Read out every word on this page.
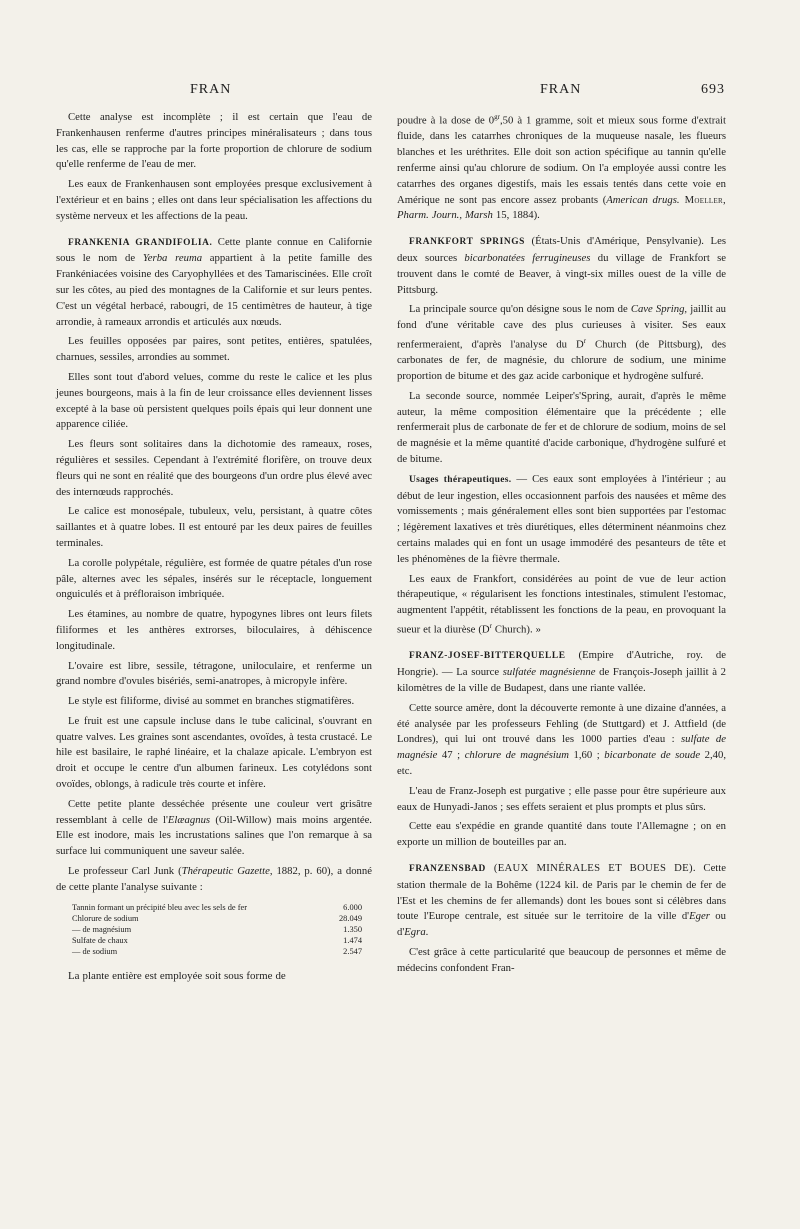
FRAN	FRAN	693

Cette analyse est incomplète ; il est certain que l'eau de Frankenhausen renferme d'autres principes minéralisateurs ; dans tous les cas, elle se rapproche par la forte proportion de chlorure de sodium qu'elle renferme de l'eau de mer.

Les eaux de Frankenhausen sont employées presque exclusivement à l'extérieur et en bains ; elles ont dans leur spécialisation les affections du système nerveux et les affections de la peau.

FRANKENIA GRANDIFOLIA. Cette plante connue en Californie sous le nom de Yerba reuma appartient à la petite famille des Frankéniacées voisine des Caryophyllées et des Tamariscinées. Elle croît sur les côtes, au pied des montagnes de la Californie et sur leurs pentes. C'est un végétal herbacé, rabougri, de 15 centimètres de hauteur, à tige arrondie, à rameaux arrondis et articulés aux nœuds.

Les feuilles opposées par paires, sont petites, entières, spatulées, charnues, sessiles, arrondies au sommet.

Elles sont tout d'abord velues, comme du reste le calice et les plus jeunes bourgeons, mais à la fin de leur croissance elles deviennent lisses excepté à la base où persistent quelques poils épais qui leur donnent une apparence ciliée.

Les fleurs sont solitaires dans la dichotomie des rameaux, roses, régulières et sessiles. Cependant à l'extrémité florifère, on trouve deux fleurs qui ne sont en réalité que des bourgeons d'un ordre plus élevé avec des internœuds rapprochés.

Le calice est monosépale, tubuleux, velu, persistant, à quatre côtes saillantes et à quatre lobes. Il est entouré par les deux paires de feuilles terminales.

La corolle polypétale, régulière, est formée de quatre pétales d'un rose pâle, alternes avec les sépales, insérés sur le réceptacle, longuement onguiculés et à préfloraison imbriquée.

Les étamines, au nombre de quatre, hypogynes libres ont leurs filets filiformes et les anthères extrorses, biloculaires, à déhiscence longitudinale.

L'ovaire est libre, sessile, tétragone, uniloculaire, et renferme un grand nombre d'ovules bisériés, semi-anatropes, à micropyle infère.

Le style est filiforme, divisé au sommet en branches stigmatifères.

Le fruit est une capsule incluse dans le tube calicinal, s'ouvrant en quatre valves. Les graines sont ascendantes, ovoïdes, à testa crustacé. Le hile est basilaire, le raphé linéaire, et la chalaze apicale. L'embryon est droit et occupe le centre d'un albumen farineux. Les cotylédons sont ovoïdes, oblongs, à radicule très courte et infère.

Cette petite plante desséchée présente une couleur vert grisâtre ressemblant à celle de l'Elæagnus (Oil-Willow) mais moins argentée. Elle est inodore, mais les incrustations salines que l'on remarque à sa surface lui communiquent une saveur salée.

Le professeur Carl Junk (Thérapeutic Gazette, 1882, p. 60), a donné de cette plante l'analyse suivante :

Tannin formant un précipité bleu avec les sels de fer	6.000
Chlorure de sodium	28.049
— de magnésium	1.350
Sulfate de chaux	1.474
— de sodium	2.547

La plante entière est employée soit sous forme de

poudre à la dose de $0^{gr},50$ à 1 gramme, soit et mieux sous forme d'extrait fluide, dans les catarrhes chroniques de la muqueuse nasale, les flueurs blanches et les uréthrites. Elle doit son action spécifique au tannin qu'elle renferme ainsi qu'au chlorure de sodium. On l'a employée aussi contre les catarrhes des organes digestifs, mais les essais tentés dans cette voie en Amérique ne sont pas encore assez probants (American drugs. Moeller, Pharm. Journ., Marsh 15, 1884).

FRANKFORT SPRINGS (États-Unis d'Amérique, Pensylvanie). Les deux sources bicarbonatées ferrugineuses du village de Frankfort se trouvent dans le comté de Beaver, à vingt-six milles ouest de la ville de Pittsburg.

La principale source qu'on désigne sous le nom de Cave Spring, jaillit au fond d'une véritable cave des plus curieuses à visiter. Ses eaux renfermeraient, d'après l'analyse du $D^r$ Church (de Pittsburg), des carbonates de fer, de magnésie, du chlorure de sodium, une minime proportion de bitume et des gaz acide carbonique et hydrogène sulfuré.

La seconde source, nommée Leiper's'Spring, aurait, d'après le même auteur, la même composition élémentaire que la précédente ; elle renfermerait plus de carbonate de fer et de chlorure de sodium, moins de sel de magnésie et la même quantité d'acide carbonique, d'hydrogène sulfuré et de bitume.

Usages thérapeutiques. — Ces eaux sont employées à l'intérieur ; au début de leur ingestion, elles occasionnent parfois des nausées et même des vomissements ; mais généralement elles sont bien supportées par l'estomac ; légèrement laxatives et très diurétiques, elles déterminent néanmoins chez certains malades qui en font un usage immodéré des pesanteurs de tête et les phénomènes de la fièvre thermale.

Les eaux de Frankfort, considérées au point de vue de leur action thérapeutique, « régularisent les fonctions intestinales, stimulent l'estomac, augmentent l'appétit, rétablissent les fonctions de la peau, en provoquant la sueur et la diurèse ($D^r$ Church). »

FRANZ-JOSEF-BITTERQUELLE (Empire d'Autriche, roy. de Hongrie). — La source sulfatée magnésienne de François-Joseph jaillit à 2 kilomètres de la ville de Budapest, dans une riante vallée.

Cette source amère, dont la découverte remonte à une dizaine d'années, a été analysée par les professeurs Fehling (de Stuttgard) et J. Attfield (de Londres), qui lui ont trouvé dans les 1000 parties d'eau : sulfate de magnésie 47 ; chlorure de magnésium 1,60 ; bicarbonate de soude 2,40, etc.

L'eau de Franz-Joseph est purgative ; elle passe pour être supérieure aux eaux de Hunyadi-Janos ; ses effets seraient et plus prompts et plus sûrs.

Cette eau s'expédie en grande quantité dans toute l'Allemagne ; on en exporte un million de bouteilles par an.

FRANZENSBAD (EAUX MINÉRALES ET BOUES DE). Cette station thermale de la Bohême (1224 kil. de Paris par le chemin de fer de l'Est et les chemins de fer allemands) dont les boues sont si célèbres dans toute l'Europe centrale, est située sur le territoire de la ville d'Eger ou d'Egra.

C'est grâce à cette particularité que beaucoup de personnes et même de médecins confondent Fran-
